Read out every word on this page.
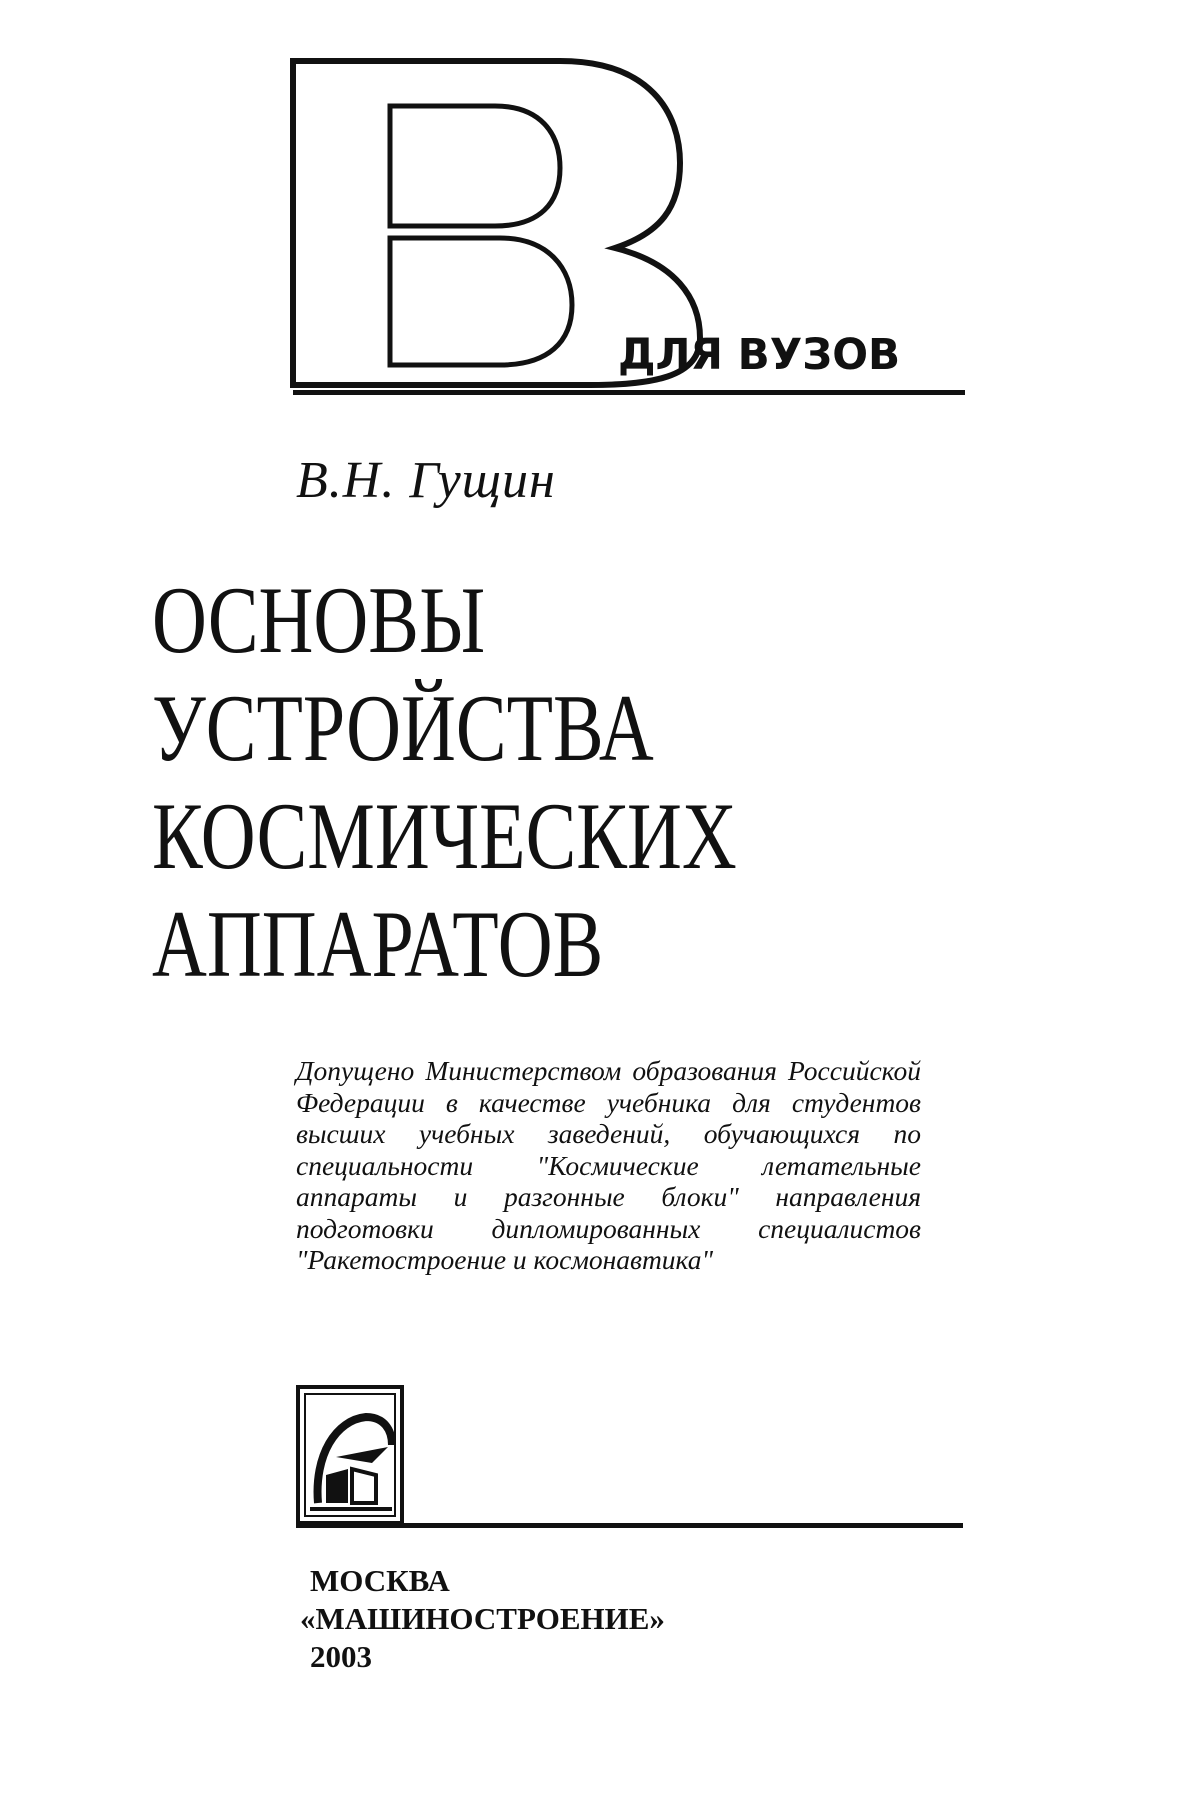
ДЛЯ ВУЗОВ
В.Н. Гущин
ОСНОВЫ
УСТРОЙСТВА
КОСМИЧЕСКИХ
АППАРАТОВ
Допущено Министерством образования Российской Федерации в качестве учебника для студентов высших учебных заведений, обучающихся по специальности "Космические летательные аппараты и разгонные блоки" направления подготовки дипломированных специалистов "Ракетостроение и космонавтика"
МОСКВА
«МАШИНОСТРОЕНИЕ»
2003
